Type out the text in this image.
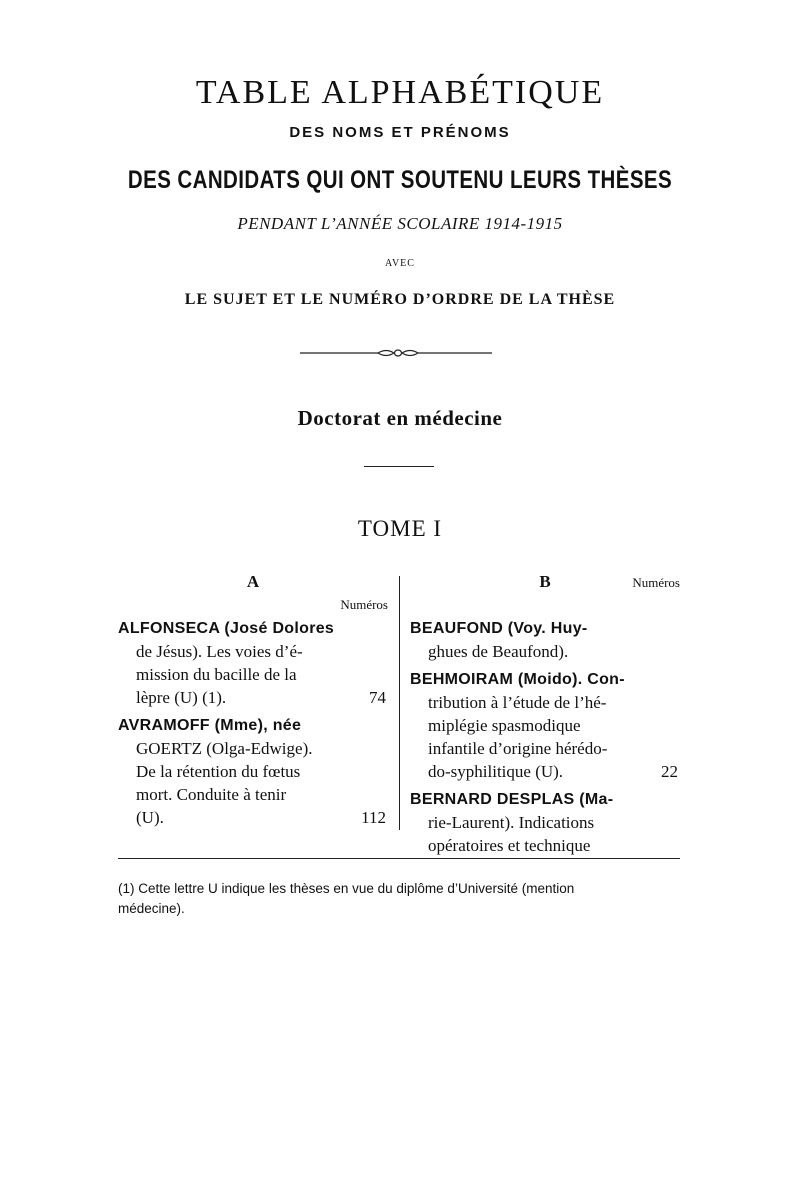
TABLE ALPHABÉTIQUE
DES NOMS ET PRÉNOMS
DES CANDIDATS QUI ONT SOUTENU LEURS THÈSES
PENDANT L’ANNÉE SCOLAIRE 1914-1915
AVEC
LE SUJET ET LE NUMÉRO D’ORDRE DE LA THÈSE
Doctorat en médecine
TOME I
A
Numéros
ALFONSECA (José Dolores
de Jésus). Les voies d’é-
mission du bacille de la
lèpre (U) (1).	74
AVRAMOFF (Mme), née
GOERTZ (Olga-Edwige).
De la rétention du fœtus
mort. Conduite à tenir
(U).	112
B	Numéros
BEAUFOND (Voy. Huy-
ghues de Beaufond).
BEHMOIRAM (Moido). Con-
tribution à l’étude de l’hé-
miplégie spasmodique
infantile d’origine hérédo-
do-syphilitique (U).	22
BERNARD DESPLAS (Ma-
rie-Laurent). Indications
opératoires et technique
(1) Cette lettre U indique les thèses en vue du diplôme d’Université (mention
médecine).
